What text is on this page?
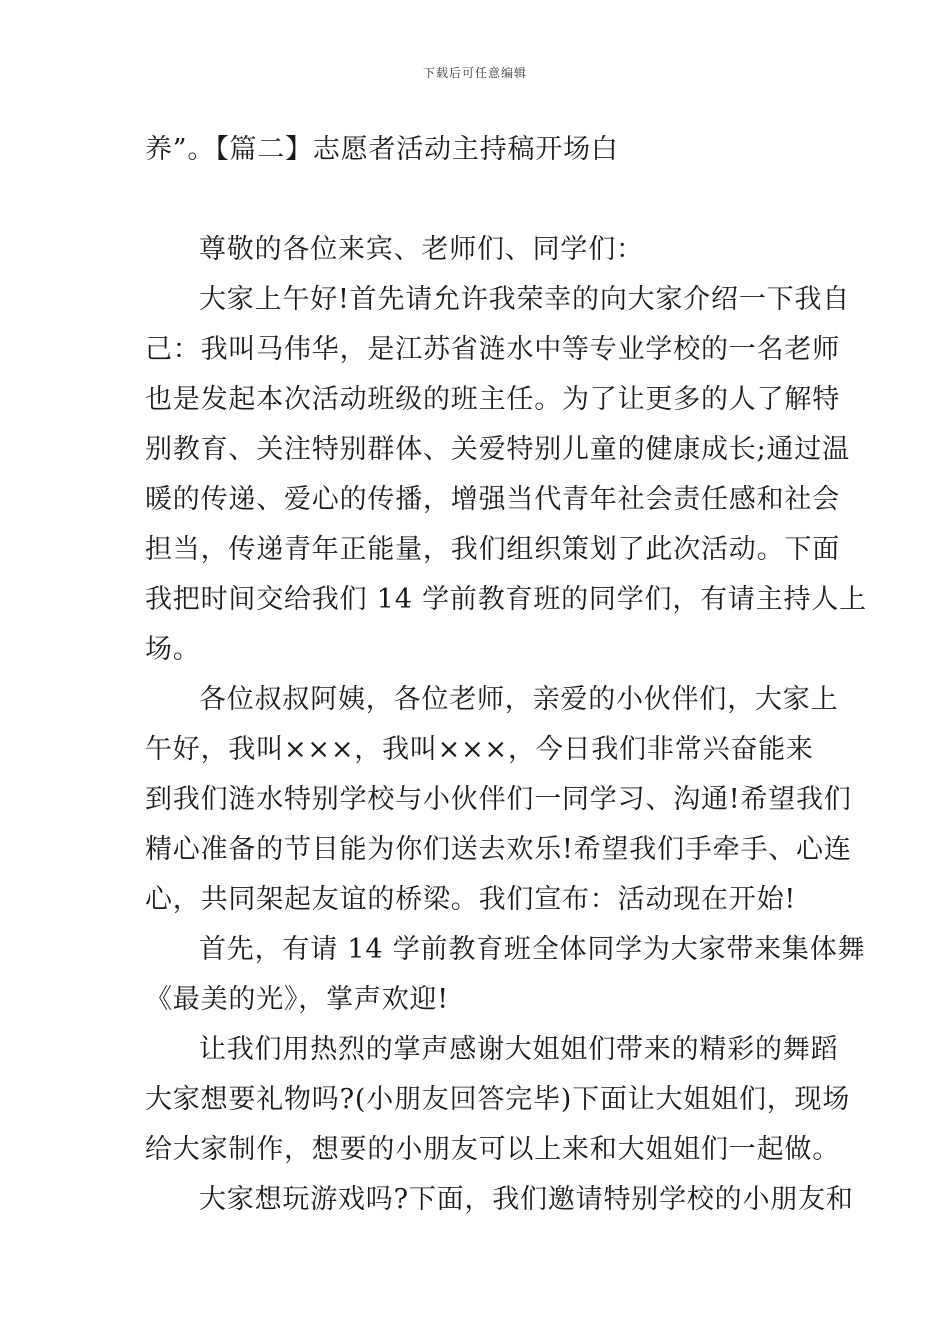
下载后可任意编辑
养”。【篇二】志愿者活动主持稿开场白
尊敬的各位来宾、老师们、同学们：
大家上午好!首先请允许我荣幸的向大家介绍一下我自
己：我叫马伟华，是江苏省涟水中等专业学校的一名老师
也是发起本次活动班级的班主任。为了让更多的人了解特
别教育、关注特别群体、关爱特别儿童的健康成长;通过温
暖的传递、爱心的传播，增强当代青年社会责任感和社会
担当，传递青年正能量，我们组织策划了此次活动。下面
我把时间交给我们 14 学前教育班的同学们，有请主持人上
场。
各位叔叔阿姨，各位老师，亲爱的小伙伴们，大家上
午好，我叫×××，我叫×××，今日我们非常兴奋能来
到我们涟水特别学校与小伙伴们一同学习、沟通!希望我们
精心准备的节目能为你们送去欢乐!希望我们手牵手、心连
心，共同架起友谊的桥梁。我们宣布：活动现在开始!
首先，有请 14 学前教育班全体同学为大家带来集体舞
《最美的光》，掌声欢迎!
让我们用热烈的掌声感谢大姐姐们带来的精彩的舞蹈
大家想要礼物吗?(小朋友回答完毕)下面让大姐姐们，现场
给大家制作，想要的小朋友可以上来和大姐姐们一起做。
大家想玩游戏吗?下面，我们邀请特别学校的小朋友和
